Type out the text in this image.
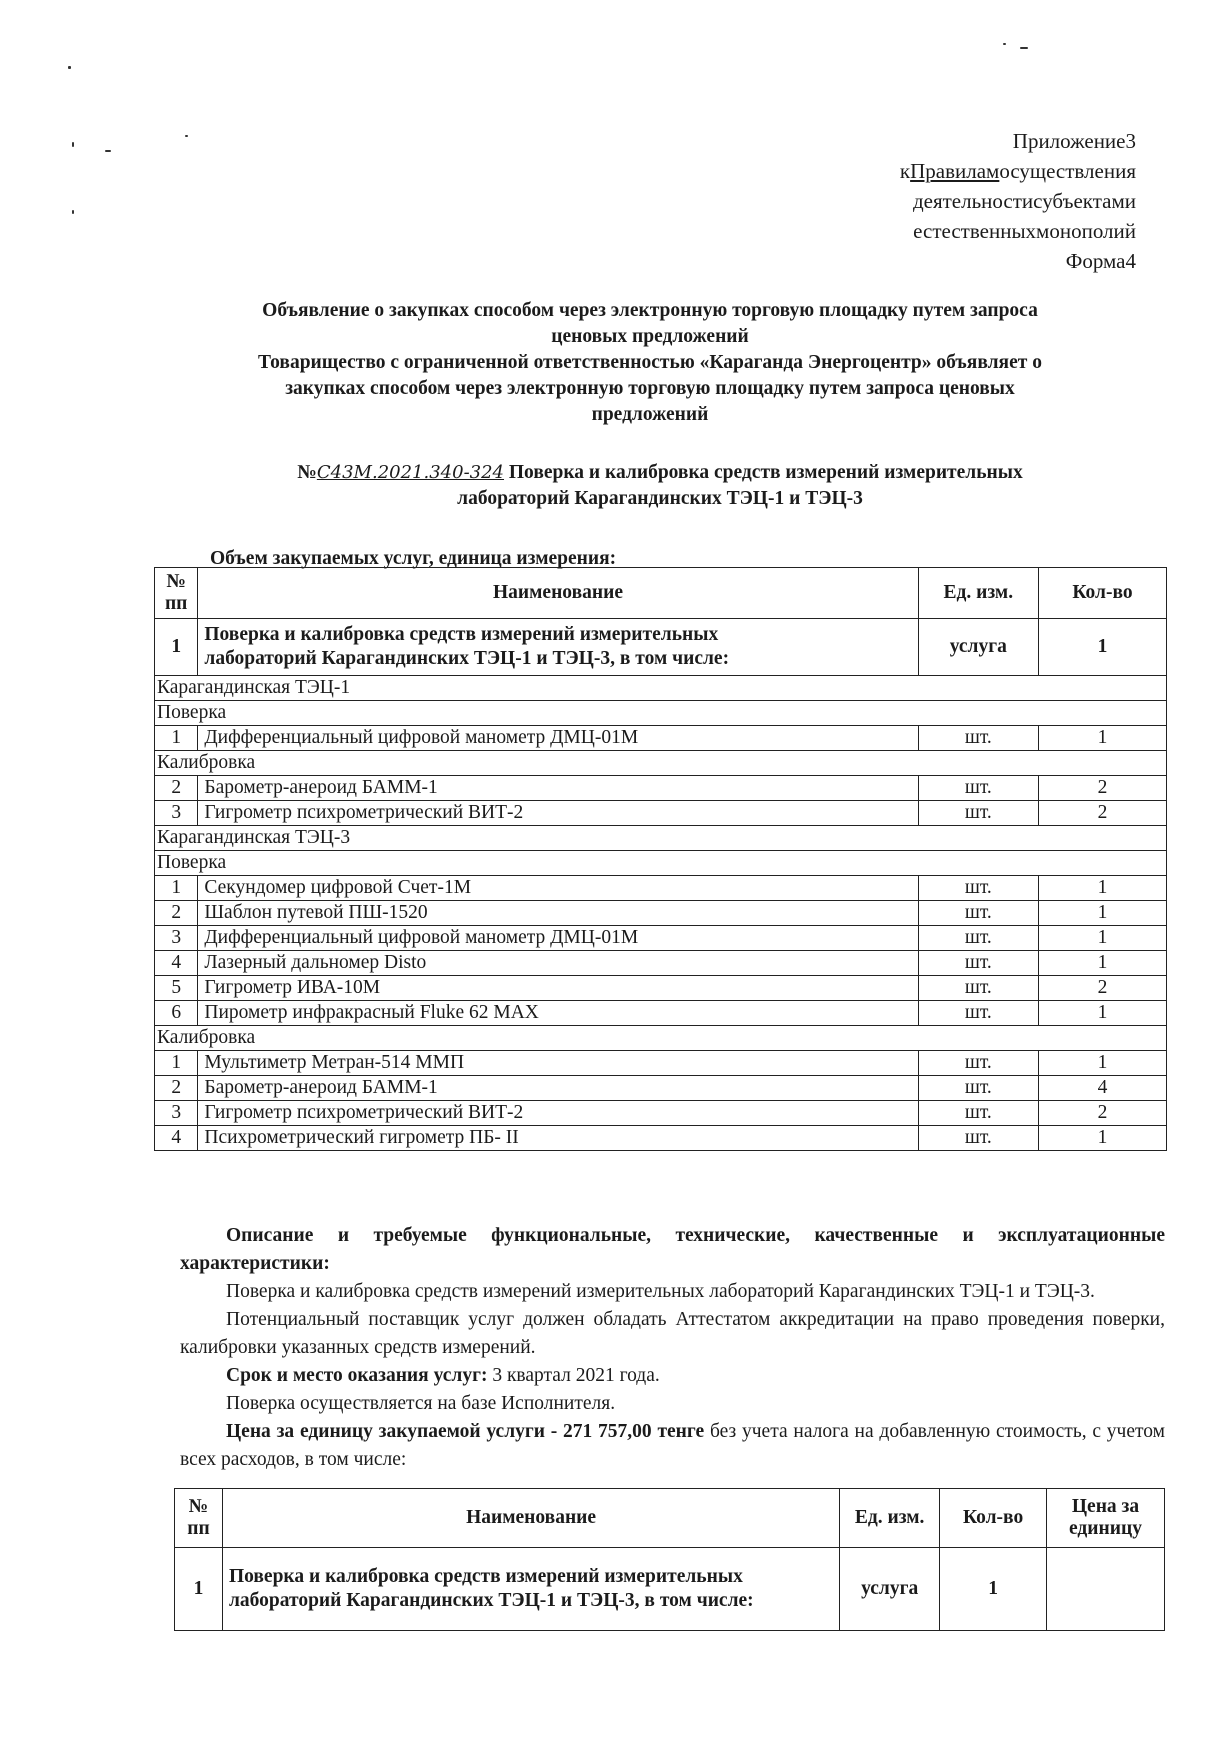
Приложение3
кПравиламосуществления
деятельностисубъектами
естественныхмонополий
Форма4
Объявление о закупках способом через электронную торговую площадку путем запроса
ценовых предложений
Товарищество с ограниченной ответственностью «Караганда Энергоцентр» объявляет о
закупках способом через электронную торговую площадку путем запроса ценовых
предложений
№С43М.2021.340-324 Поверка и калибровка средств измерений измерительных
лабораторий Карагандинских ТЭЦ-1 и ТЭЦ-3
Объем закупаемых услуг, единица измерения:
№ пп	Наименование	Ед. изм.	Кол-во
1	Поверка и калибровка средств измерений измерительных
лабораторий Карагандинских ТЭЦ-1 и ТЭЦ-3, в том числе:	услуга	1
Карагандинская ТЭЦ-1			
Поверка			
1	Дифференциальный цифровой манометр ДМЦ-01М	шт.	1
Калибровка			
2	Барометр-анероид БАММ-1	шт.	2
3	Гигрометр психрометрический ВИТ-2	шт.	2
Карагандинская ТЭЦ-3			
Поверка			
1	Секундомер цифровой Счет-1М	шт.	1
2	Шаблон путевой ПШ-1520	шт.	1
3	Дифференциальный цифровой манометр ДМЦ-01М	шт.	1
4	Лазерный дальномер Disto	шт.	1
5	Гигрометр ИВА-10М	шт.	2
6	Пирометр инфракрасный Fluke 62 MAX	шт.	1
Калибровка			
1	Мультиметр Метран-514 ММП	шт.	1
2	Барометр-анероид БАММ-1	шт.	4
3	Гигрометр психрометрический ВИТ-2	шт.	2
4	Психрометрический гигрометр ПБ- II	шт.	1

Описание и требуемые функциональные, технические, качественные и эксплуатационные характеристики:

Поверка и калибровка средств измерений измерительных лабораторий Карагандинских ТЭЦ-1 и ТЭЦ-3.

Потенциальный поставщик услуг должен обладать Аттестатом аккредитации на право проведения поверки, калибровки указанных средств измерений.

Срок и место оказания услуг: 3 квартал 2021 года.

Поверка осуществляется на базе Исполнителя.

Цена за единицу закупаемой услуги - 271 757,00 тенге без учета налога на добавленную стоимость, с учетом всех расходов, в том числе:

№ пп	Наименование	Ед. изм.	Кол-во	Цена за единицу
1	Поверка и калибровка средств измерений измерительных лабораторий Карагандинских ТЭЦ-1 и ТЭЦ-3, в том числе:	услуга	1	
